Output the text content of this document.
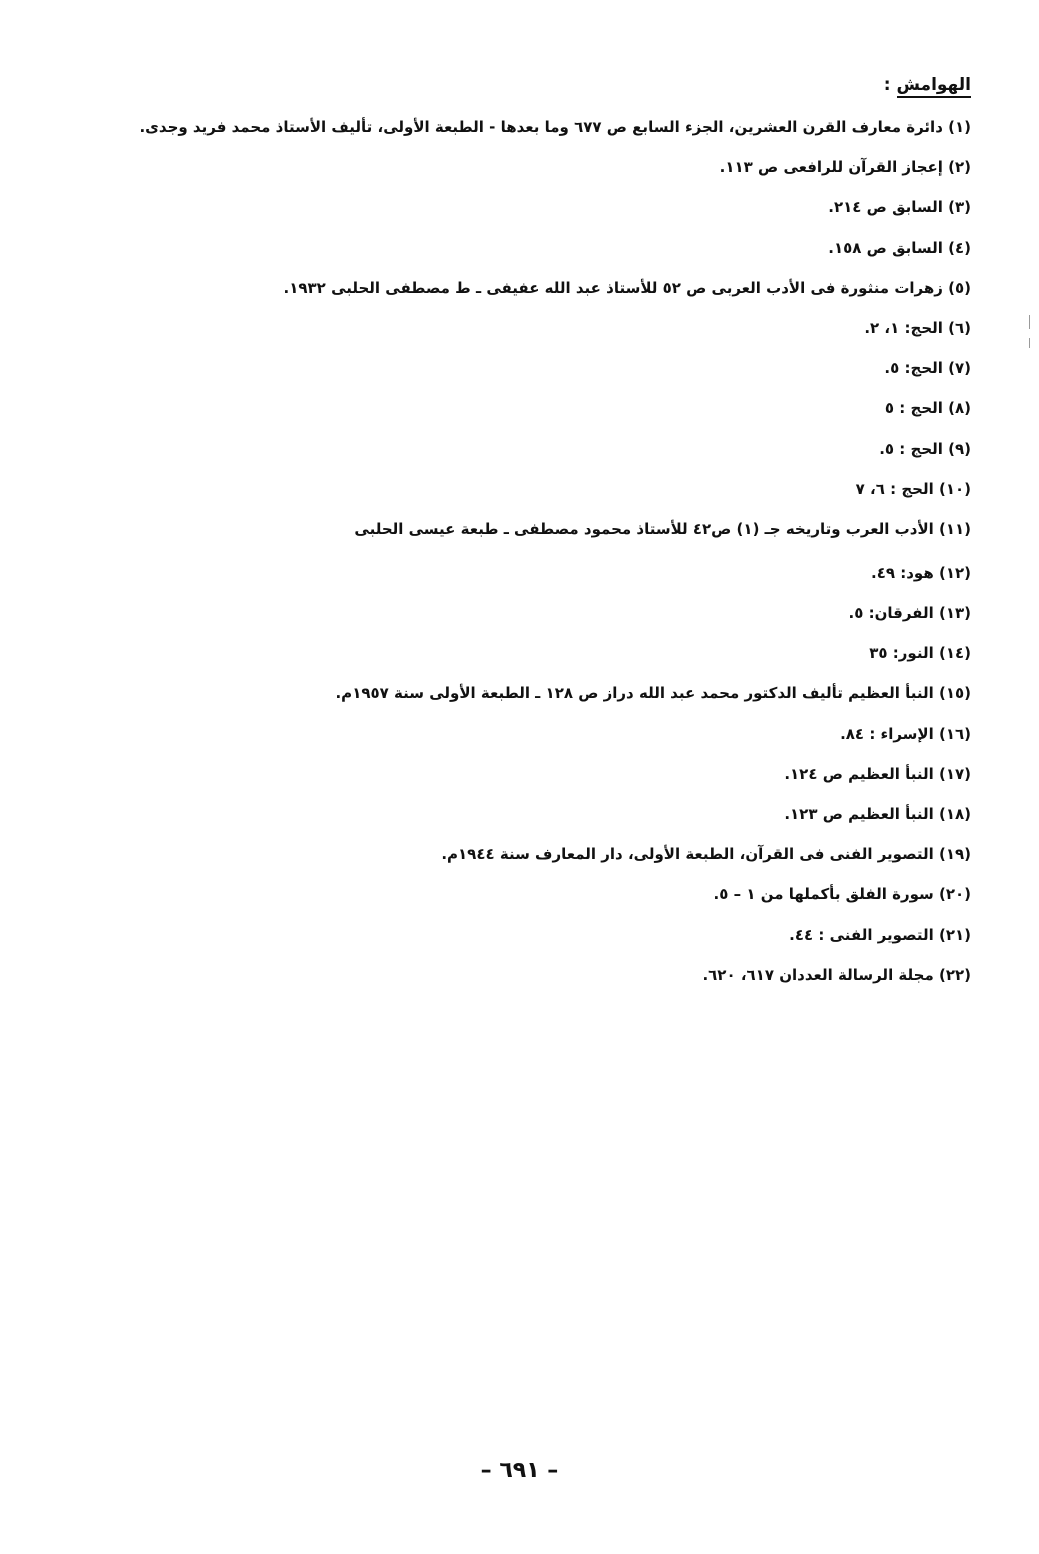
الهوامش :
(١) دائرة معارف القرن العشرين، الجزء السابع ص ٦٧٧ وما بعدها - الطبعة الأولى، تأليف الأستاذ محمد فريد وجدى.
(٢) إعجاز القرآن للرافعى ص ١١٣.
(٣) السابق ص ٢١٤.
(٤) السابق ص ١٥٨.
(٥) زهرات منثورة فى الأدب العربى ص ٥٢ للأستاذ عبد الله عفيفى ـ ط مصطفى الحلبى ١٩٣٢.
(٦) الحج: ١، ٢.
(٧) الحج: ٥.
(٨) الحج : ٥
(٩) الحج : ٥.
(١٠) الحج : ٦، ٧
(١١) الأدب العرب وتاريخه جـ (١) ص٤٢ للأستاذ محمود مصطفى ـ طبعة عيسى الحلبى
(١٢) هود: ٤٩.
(١٣) الفرقان: ٥.
(١٤) النور: ٣٥
(١٥) النبأ العظيم تأليف الدكتور محمد عبد الله دراز ص ١٢٨ ـ الطبعة الأولى سنة ١٩٥٧م.
(١٦) الإسراء : ٨٤.
(١٧) النبأ العظيم ص ١٢٤.
(١٨) النبأ العظيم ص ١٢٣.
(١٩) التصوير الفنى فى القرآن، الطبعة الأولى، دار المعارف سنة ١٩٤٤م.
(٢٠) سورة الفلق بأكملها من ١ – ٥.
(٢١) التصوير الفنى : ٤٤.
(٢٢) مجلة الرسالة العددان ٦١٧، ٦٢٠.
– ٦٩١ –
